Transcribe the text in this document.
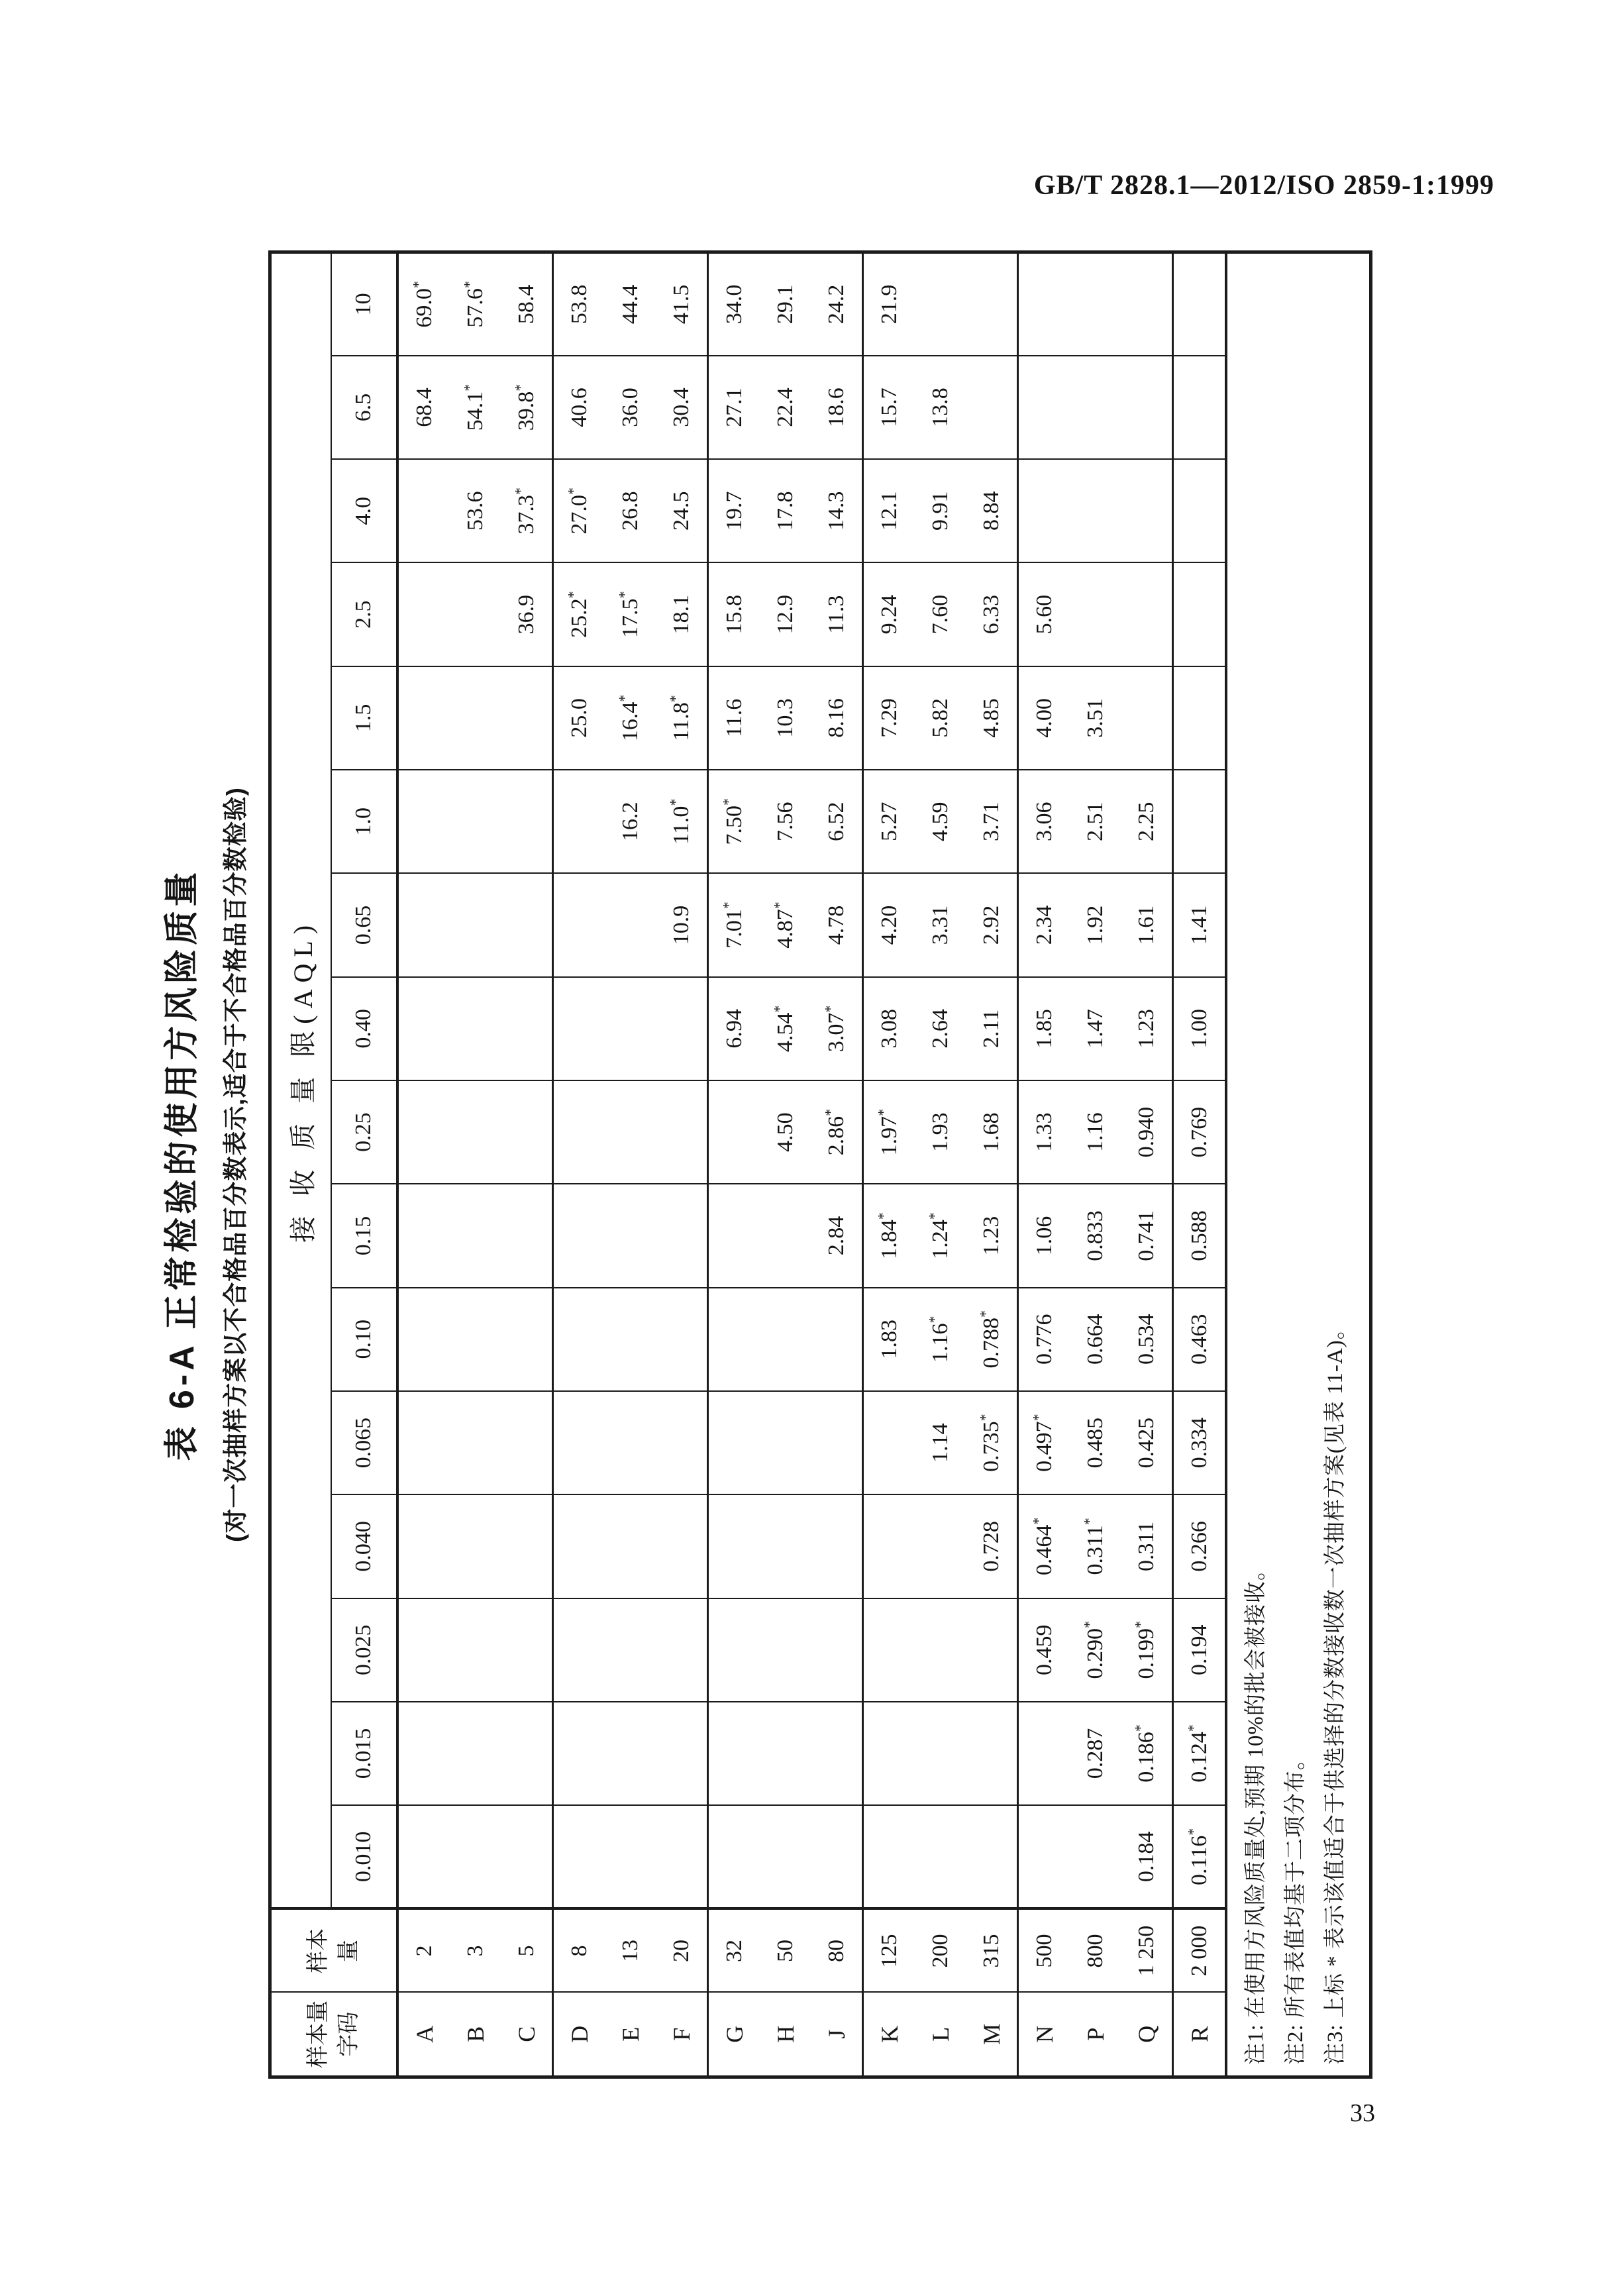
GB/T 2828.1—2012/ISO 2859-1:1999
表 6-A 正常检验的使用方风险质量 (对一次抽样方案以不合格品百分数表示,适合于不合格品百分数检验)
样本量 字码

样本 量
	接 收 质 量 限(AQL)
		0.010	0.015	0.025	0.040	0.065	0.10	0.15	0.25	0.40	0.65	1.0	1.5	2.5	4.0	6.5	10
A	2															68.4	69.0*
B	3														53.6	54.1*	57.6*
C	5													36.9	37.3*	39.8*	58.4
D	8												25.0	25.2*	27.0*	40.6	53.8
E	13											16.2	16.4*	17.5*	26.8	36.0	44.4
F	20										10.9	11.0*	11.8*	18.1	24.5	30.4	41.5
G	32									6.94	7.01*	7.50*	11.6	15.8	19.7	27.1	34.0
H	50								4.50	4.54*	4.87*	7.56	10.3	12.9	17.8	22.4	29.1
J	80							2.84	2.86*	3.07*	4.78	6.52	8.16	11.3	14.3	18.6	24.2
K	125						1.83	1.84*	1.97*	3.08	4.20	5.27	7.29	9.24	12.1	15.7	21.9
L	200					1.14	1.16*	1.24*	1.93	2.64	3.31	4.59	5.82	7.60	9.91	13.8	
M	315				0.728	0.735*	0.788*	1.23	1.68	2.11	2.92	3.71	4.85	6.33	8.84		
N	500			0.459	0.464*	0.497*	0.776	1.06	1.33	1.85	2.34	3.06	4.00	5.60			
P	800		0.287	0.290*	0.311*	0.485	0.664	0.833	1.16	1.47	1.92	2.51	3.51				
Q	1 250	0.184	0.186*	0.199*	0.311	0.425	0.534	0.741	0.940	1.23	1.61	2.25					
R	2 000	0.116*	0.124*	0.194	0.266	0.334	0.463	0.588	0.769	1.00	1.41						

注1: 在使用方风险质量处,预期 10%的批会被接收。 注2: 所有表值均基于二项分布。 注3: 上标 * 表示该值适合于供选择的分数接收数一次抽样方案(见表 11-A)。																	
33
